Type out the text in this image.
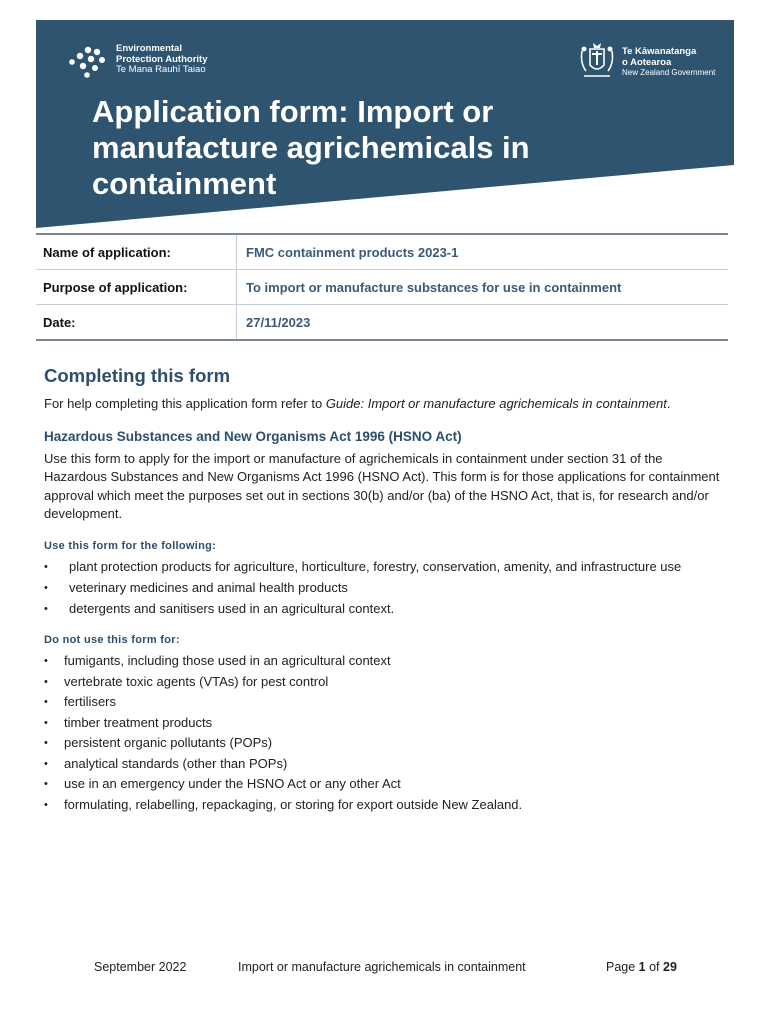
Environmental
Protection Authority
Te Mana Rauhī Taiao
Te Kāwanatanga
o Aotearoa
New Zealand Government
Application form: Import or manufacture agrichemicals in containment
Name of application:	FMC containment products 2023-1
Purpose of application:	To import or manufacture substances for use in containment
Date:	27/11/2023
Completing this form

For help completing this application form refer to Guide: Import or manufacture agrichemicals in containment.

Hazardous Substances and New Organisms Act 1996 (HSNO Act)

Use this form to apply for the import or manufacture of agrichemicals in containment under section 31 of the Hazardous Substances and New Organisms Act 1996 (HSNO Act). This form is for those applications for containment approval which meet the purposes set out in sections 30(b) and/or (ba) of the HSNO Act, that is, for research and/or development.

Use this form for the following:
• plant protection products for agriculture, horticulture, forestry, conservation, amenity, and infrastructure use
• veterinary medicines and animal health products
• detergents and sanitisers used in an agricultural context.
Do not use this form for:
• fumigants, including those used in an agricultural context
• vertebrate toxic agents (VTAs) for pest control
• fertilisers
• timber treatment products
• persistent organic pollutants (POPs)
• analytical standards (other than POPs)
• use in an emergency under the HSNO Act or any other Act
• formulating, relabelling, repackaging, or storing for export outside New Zealand.
September 2022	Import or manufacture agrichemicals in containment	Page 1 of 29
